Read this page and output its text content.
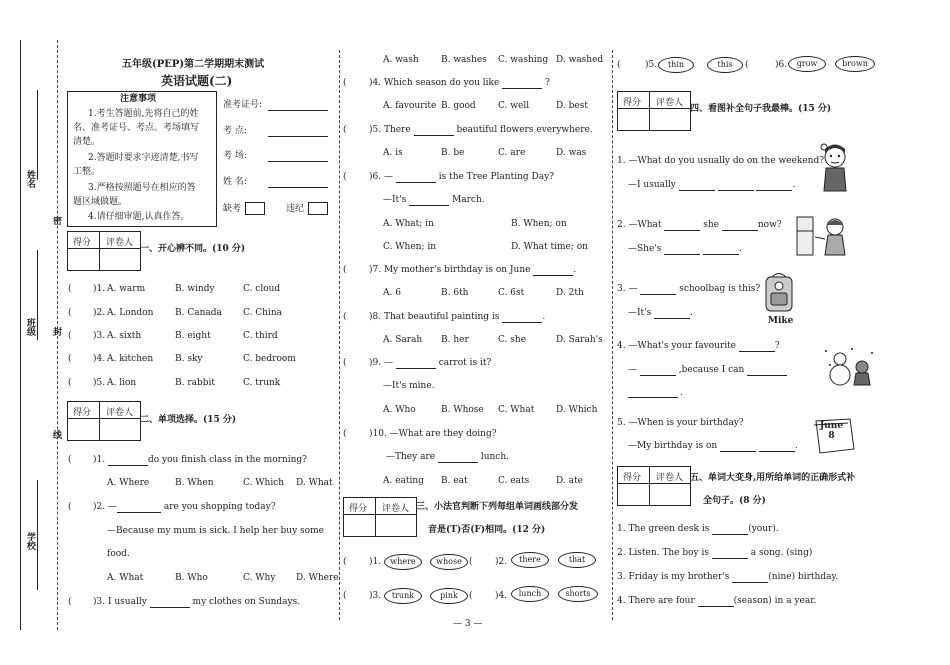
姓名
班级
学校
密
封
线
五年级(PEP)第二学期期末测试
英语试题(二)
注意事项
1.考生答题前,先将自己的姓
名、准考证号、考点、考场填写
清楚。
2.答题时要求字迹清楚,书写
工整。
3.严格按照题号在相应的答
题区域做题。
4.请仔细审题,认真作答。
准考证号:
考 点:
考 场:
姓 名:
缺考	违纪
得分 评卷人
一、开心辨不同。(10 分)
( )1. A. warm	B. windy	C. cloud
( )2. A. London B. Canada C. China
( )3. A. sixth	B. eight	C. third
( )4. A. kitchen B. sky	C. bedroom
( )5. A. lion	B. rabbit	C. trunk
得分 评卷人
二、单项选择。(15 分)
( )1.	do you finish class in the morning?
A. Where	B. When	C. Which D. What
( )2. —	are you shopping today?
—Because my mum is sick. I help her buy some
food.
A. What	B. Who	C. Why D. Where
( )3. I usually	my clothes on Sundays.
A. wash B. washes C. washing D. washed
( )4. Which season do you like	?
A. favourite B. good C. well	D. best
( )5. There	beautiful flowers everywhere.
A. is	B. be	C. are	D. was
( )6. —	is the Tree Planting Day?
—It's	March.
A. What; in	B. When; on
C. When; in	D. What time; on
( )7. My mother's birthday is on June	.
A. 6	B. 6th	C. 6st	D. 2th
( )8. That beautiful painting is	.
A. Sarah B. her	C. she	D. Sarah's
( )9. —	carrot is it?
—It's mine.
A. Who	B. Whose C. What D. Which
( )10. —What are they doing?
—They are	lunch.
A. eating B. eat	C. eats	D. ate
得分 评卷人 三、小法官判断下列每组单词画线部分发
音是(T)否(F)相同。(12 分)
( )1.	where	whose ( )2.	there	that
( )3.	trunk	pink	( )4.	lunch	shorts
(	)5.	thin	this	(	)6.	grow	brown
得分 评卷人
四、看图补全句子我最棒。(15 分)
1. —What do you usually do on the weekend?
—I usually	.
2. —What	she	now?
—She's	.
3. —	schoolbag is this?
—It's	.
Mike
4. —What's your favourite	?
—	,because I can
.
5. —When is your birthday?
—My birthday is on	.
June
8
得分 评卷人 五、单词大变身,用所给单词的正确形式补
全句子。(8 分)
1. The green desk is	(your).
2. Listen. The boy is	a song. (sing)
3. Friday is my brother's	(nine) birthday.
4. There are four	(season) in a year.
— 3 —
